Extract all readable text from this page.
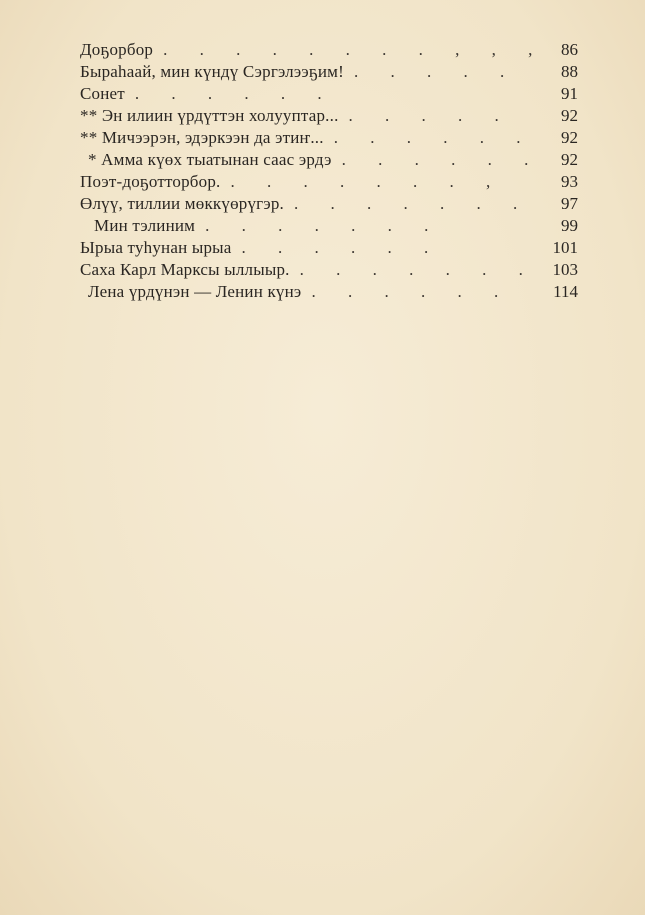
Доҕорбор . . . . . . . . , , , 86
Быраһаай, мин күндү Сэргэлээҕим! . . . . .	88
Сонет . . . . . .	91
** Эн илиин үрдүттэн холууптар... . . . . .	92
** Мичээрэн, эдэркээн да этиҥ... . . . . . .	92
* Амма күөх тыатынан саас эрдэ . . . . . .	92
Поэт-доҕотторбор. . . . . . . . ,	93
Өлүү, тиллии мөккүөрүгэр. . . . . . . .	97
Мин тэлиним . . . . . . .	99
Ырыа туһунан ырыа . . . . . .	101
Саха Карл Марксы ыллыыр. . . . . . . . 103
Лена үрдүнэн — Ленин күнэ . . . . . .	114
